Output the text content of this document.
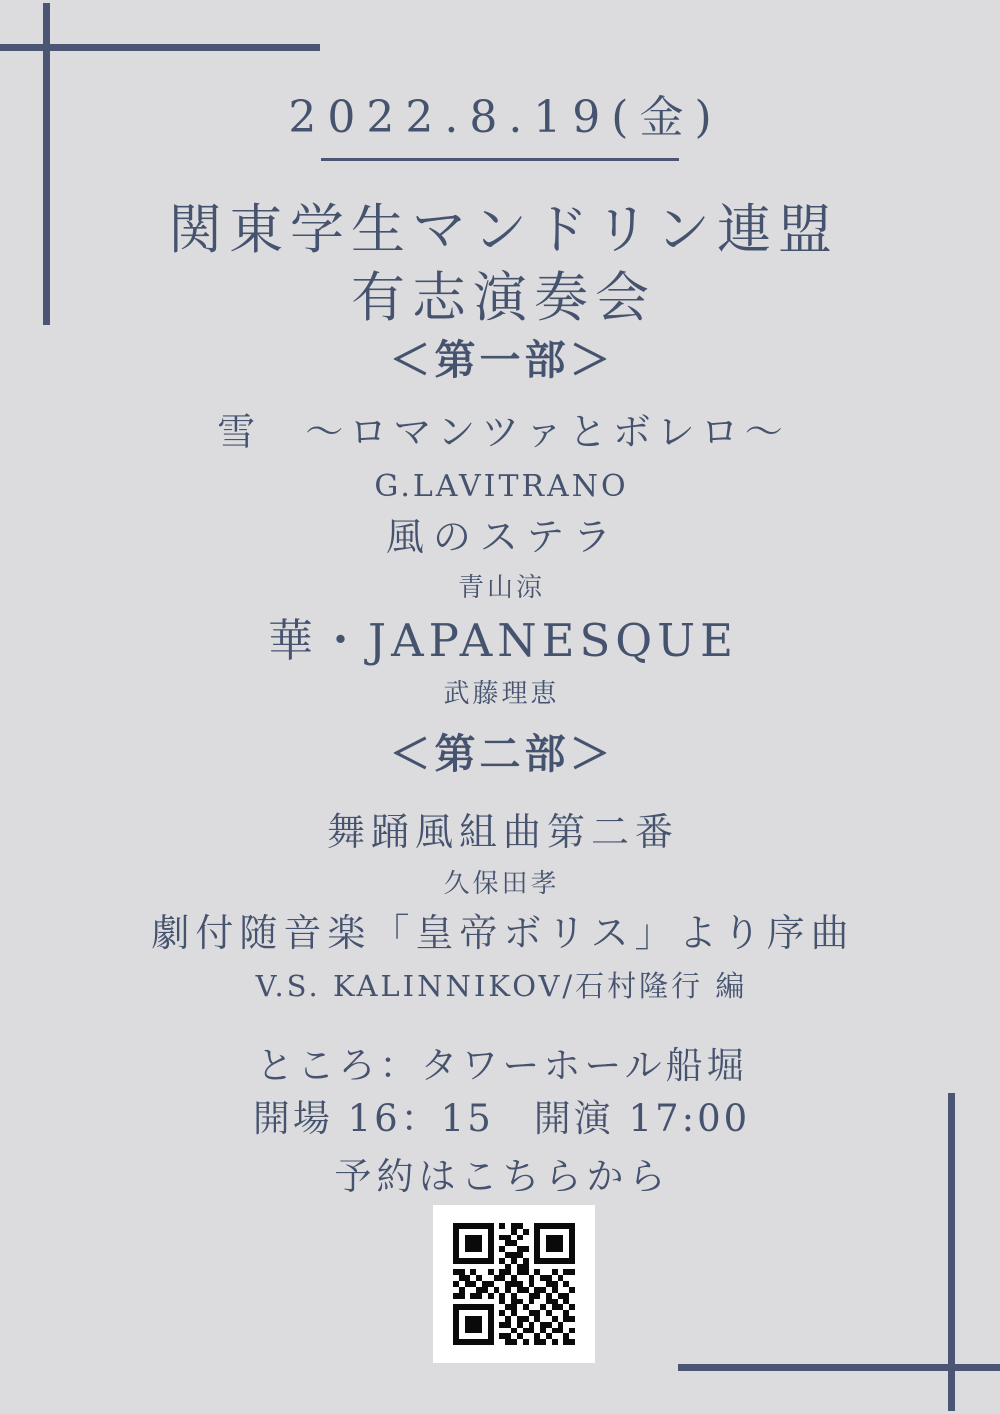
2022.8.19(金)
関東学生マンドリン連盟
有志演奏会
＜第一部＞
雪　〜ロマンツァとボレロ〜
G.LAVITRANO
風のステラ
青山涼
華・JAPANESQUE
武藤理恵
＜第二部＞
舞踊風組曲第二番
久保田孝
劇付随音楽「皇帝ボリス」より序曲
V.S. KALINNIKOV/石村隆行 編
ところ：タワーホール船堀
開場 16：15　開演 17:00
予約はこちらから
